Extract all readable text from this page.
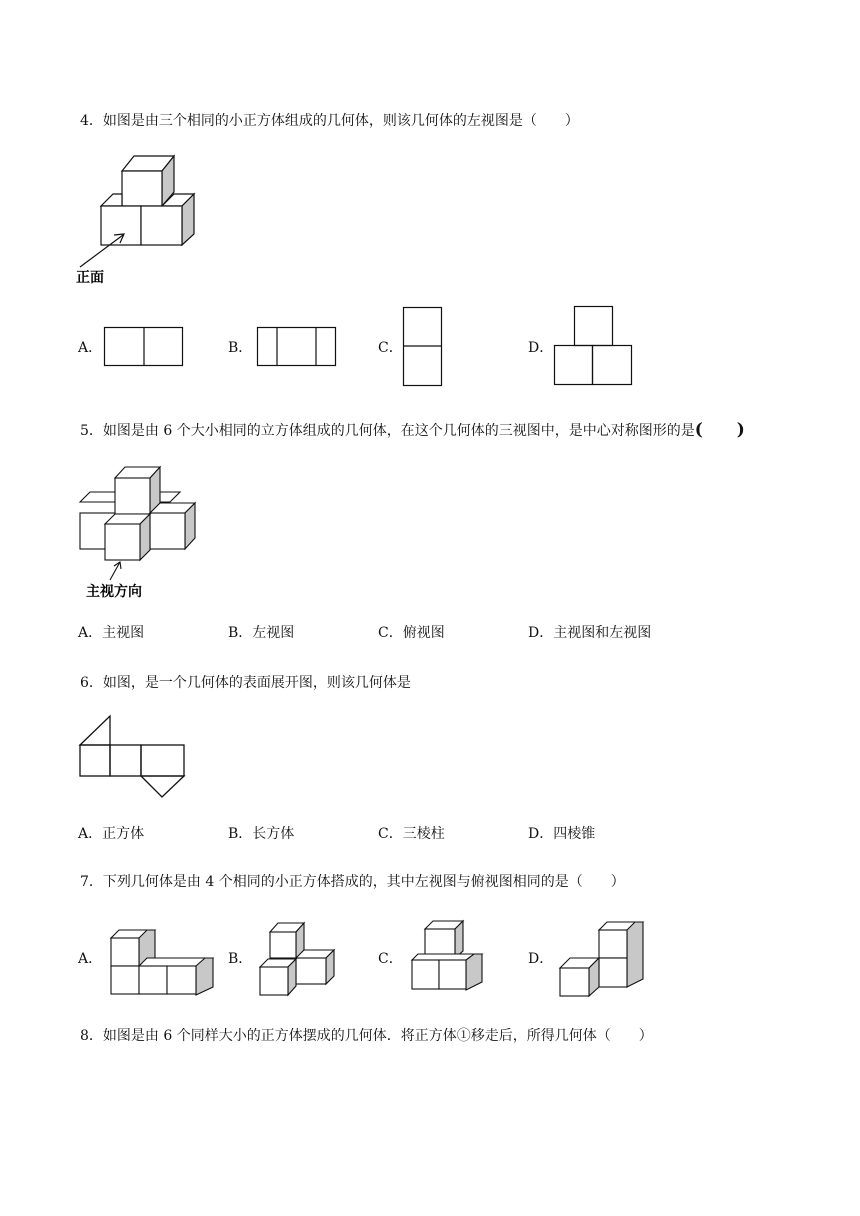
4．如图是由三个相同的小正方体组成的几何体，则该几何体的左视图是（　　）
正面
A．	B．	C．	D．
5．如图是由 6 个大小相同的立方体组成的几何体，在这个几何体的三视图中，是中心对称图形的是( )
主视方向
A．主视图	B．左视图	C．俯视图	D．主视图和左视图
6．如图，是一个几何体的表面展开图，则该几何体是
A．正方体	B．长方体	C．三棱柱	D．四棱锥
7．下列几何体是由 4 个相同的小正方体搭成的，其中左视图与俯视图相同的是（　　）
A．	B．	C．	D．
8．如图是由 6 个同样大小的正方体摆成的几何体．将正方体①移走后，所得几何体（　　）
